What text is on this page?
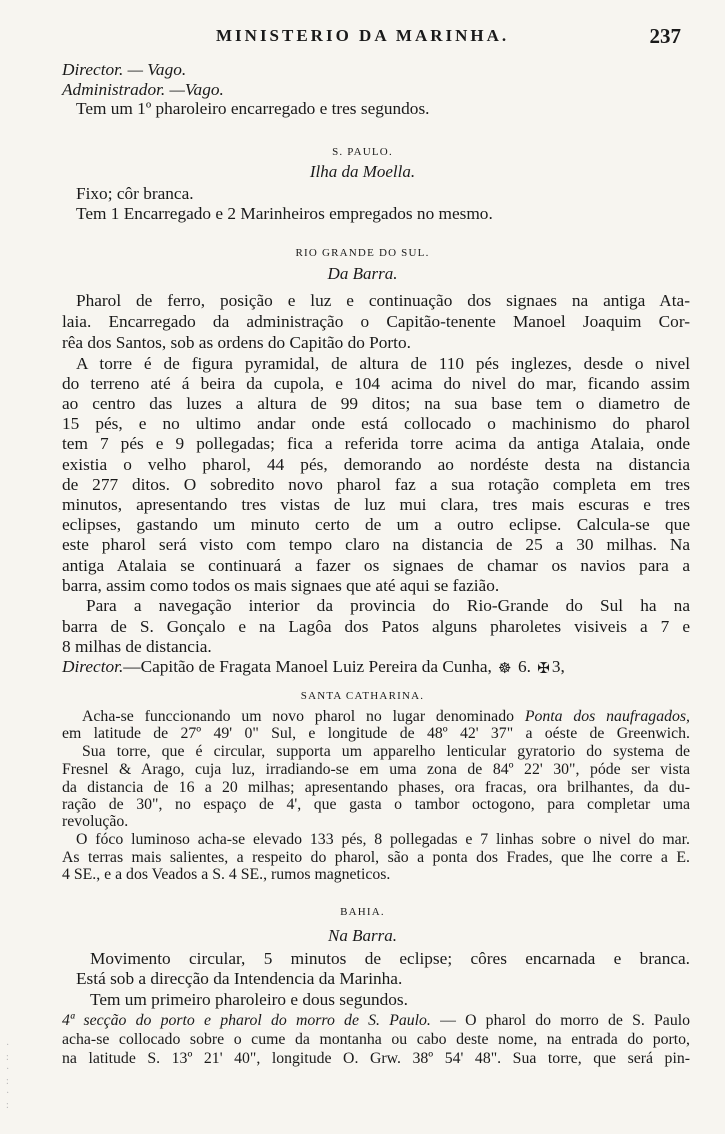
MINISTERIO DA MARINHA.	237
Director. — Vago.
Administrador. —Vago.
Tem um 1º pharoleiro encarregado e tres segundos.
S. PAULO.
Ilha da Moella.
Fixo; côr branca.
Tem 1 Encarregado e 2 Marinheiros empregados no mesmo.
RIO GRANDE DO SUL.
Da Barra.
Pharol de ferro, posição e luz e continuação dos signaes na antiga Ata-
laia. Encarregado da administração o Capitão-tenente Manoel Joaquim Cor-
rêa dos Santos, sob as ordens do Capitão do Porto.
A torre é de figura pyramidal, de altura de 110 pés inglezes, desde o nivel
do terreno até á beira da cupola, e 104 acima do nivel do mar, ficando assim
ao centro das luzes a altura de 99 ditos; na sua base tem o diametro de
15 pés, e no ultimo andar onde está collocado o machinismo do pharol
tem 7 pés e 9 pollegadas; fica a referida torre acima da antiga Atalaia, onde
existia o velho pharol, 44 pés, demorando ao nordéste desta na distancia
de 277 ditos. O sobredito novo pharol faz a sua rotação completa em tres
minutos, apresentando tres vistas de luz mui clara, tres mais escuras e tres
eclipses, gastando um minuto certo de um a outro eclipse. Calcula-se que
este pharol será visto com tempo claro na distancia de 25 a 30 milhas. Na
antiga Atalaia se continuará a fazer os signaes de chamar os navios para a
barra, assim como todos os mais signaes que até aqui se fazião.
Para a navegação interior da provincia do Rio-Grande do Sul ha na
barra de S. Gonçalo e na Lagôa dos Patos alguns pharoletes visiveis a 7 e
8 milhas de distancia.
Director.—Capitão de Fragata Manoel Luiz Pereira da Cunha, ☸ 6. ✠ 3,
SANTA CATHARINA.
Acha-se funccionando um novo pharol no lugar denominado Ponta dos naufragados,
em latitude de 27º 49' 0" Sul, e longitude de 48º 42' 37" a oéste de Greenwich.
Sua torre, que é circular, supporta um apparelho lenticular gyratorio do systema de
Fresnel & Arago, cuja luz, irradiando-se em uma zona de 84º 22' 30", póde ser vista
da distancia de 16 a 20 milhas; apresentando phases, ora fracas, ora brilhantes, da du-
ração de 30", no espaço de 4', que gasta o tambor octogono, para completar uma
revolução.
O fóco luminoso acha-se elevado 133 pés, 8 pollegadas e 7 linhas sobre o nivel do mar.
As terras mais salientes, a respeito do pharol, são a ponta dos Frades, que lhe corre a E.
4 SE., e a dos Veados a S. 4 SE., rumos magneticos.
BAHIA.
Na Barra.
Movimento circular, 5 minutos de eclipse; côres encarnada e branca.
Está sob a direcção da Intendencia da Marinha.
Tem um primeiro pharoleiro e dous segundos.
4ª secção do porto e pharol do morro de S. Paulo. — O pharol do morro de S. Paulo
acha-se collocado sobre o cume da montanha ou cabo deste nome, na entrada do porto,
na latitude S. 13º 21' 40", longitude O. Grw. 38º 54' 48". Sua torre, que será pin-
·
:
·
:
·
:
